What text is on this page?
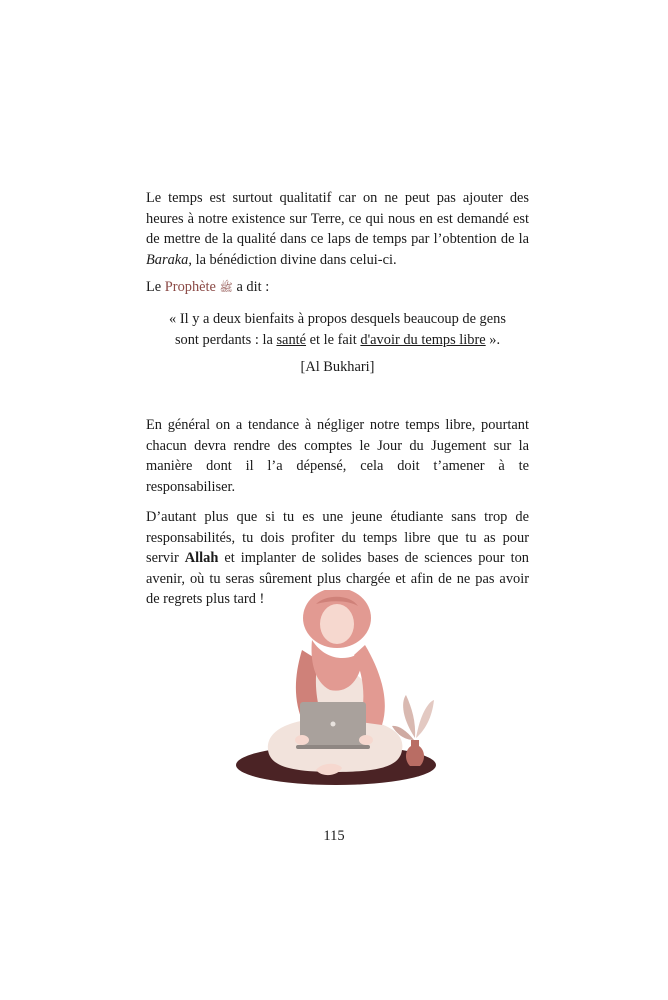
Le temps est surtout qualitatif car on ne peut pas ajouter des heures à notre existence sur Terre, ce qui nous en est demandé est de mettre de la qualité dans ce laps de temps par l’obtention de la Baraka, la bénédiction divine dans celui-ci.
Le Prophète ﷺ a dit :
« Il y a deux bienfaits à propos desquels beaucoup de gens
sont perdants : la santé et le fait d'avoir du temps libre ».
[Al Bukhari]
En général on a tendance à négliger notre temps libre, pourtant chacun devra rendre des comptes le Jour du Jugement sur la manière dont il l’a dépensé, cela doit t’amener à te responsabiliser.
D’autant plus que si tu es une jeune étudiante sans trop de responsabilités, tu dois profiter du temps libre que tu as pour servir Allah et implanter de solides bases de sciences pour ton avenir, où tu seras sûrement plus chargée et afin de ne pas avoir de regrets plus tard !
115
